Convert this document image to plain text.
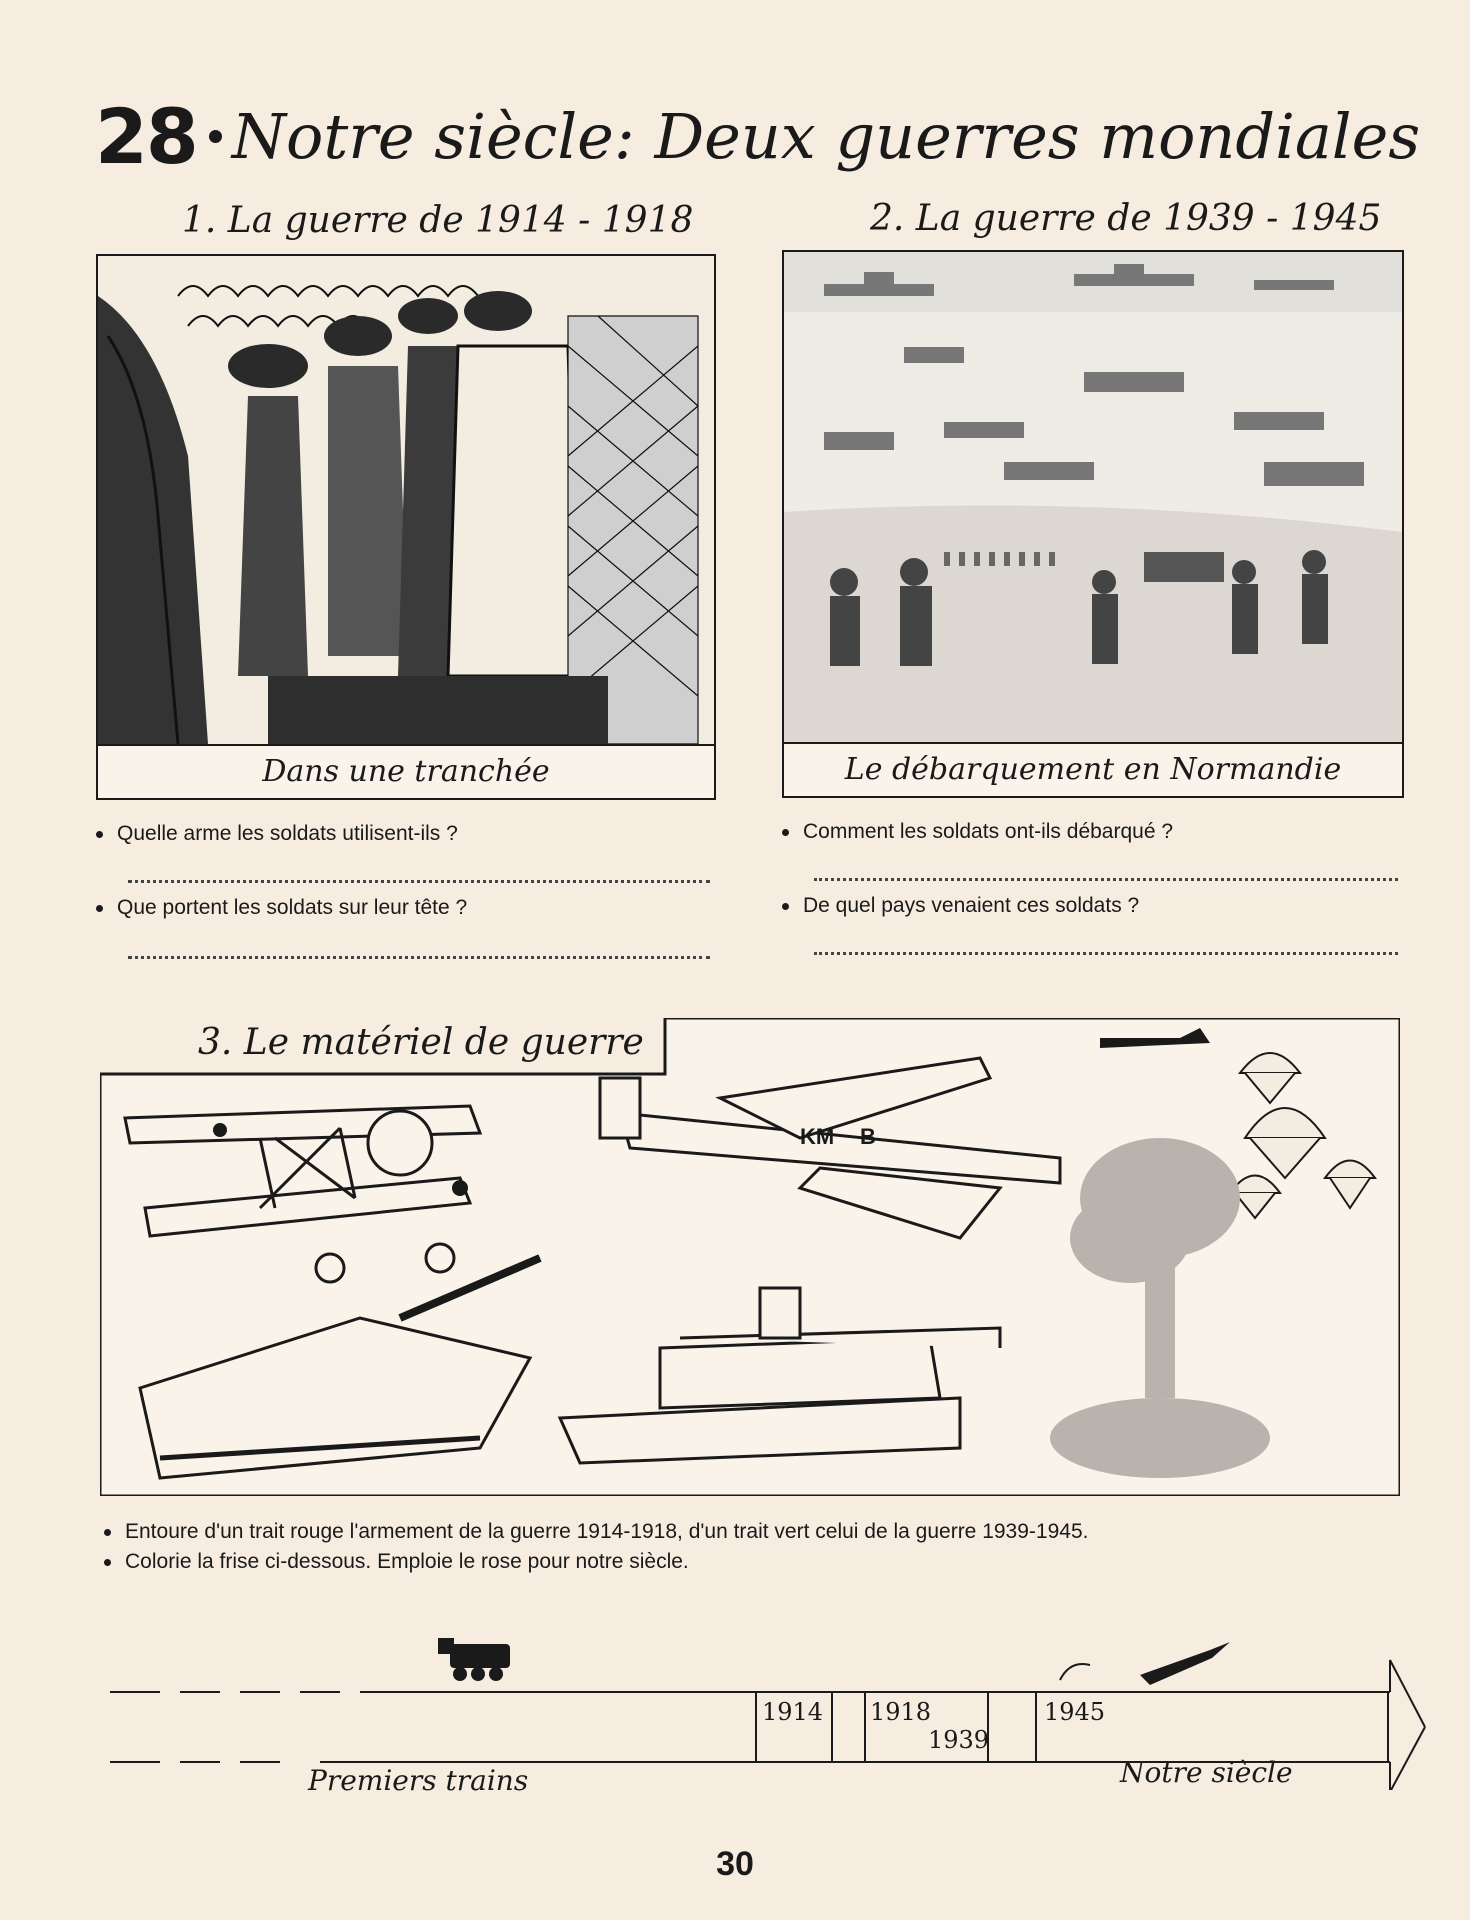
28 Notre siècle: Deux guerres mondiales
1. La guerre de 1914 - 1918	2. La guerre de 1939 - 1945
Dans une tranchée	Le débarquement en Normandie
Quelle arme les soldats utilisent-ils ?
Que portent les soldats sur leur tête ?
Comment les soldats ont-ils débarqué ?
De quel pays venaient ces soldats ?
KM B
3. Le matériel de guerre
Entoure d'un trait rouge l'armement de la guerre 1914-1918, d'un trait vert celui de la guerre 1939-1945.
Colorie la frise ci-dessous. Emploie le rose pour notre siècle.
1914 1918
1939
1945
Premiers trains	Notre siècle
30
